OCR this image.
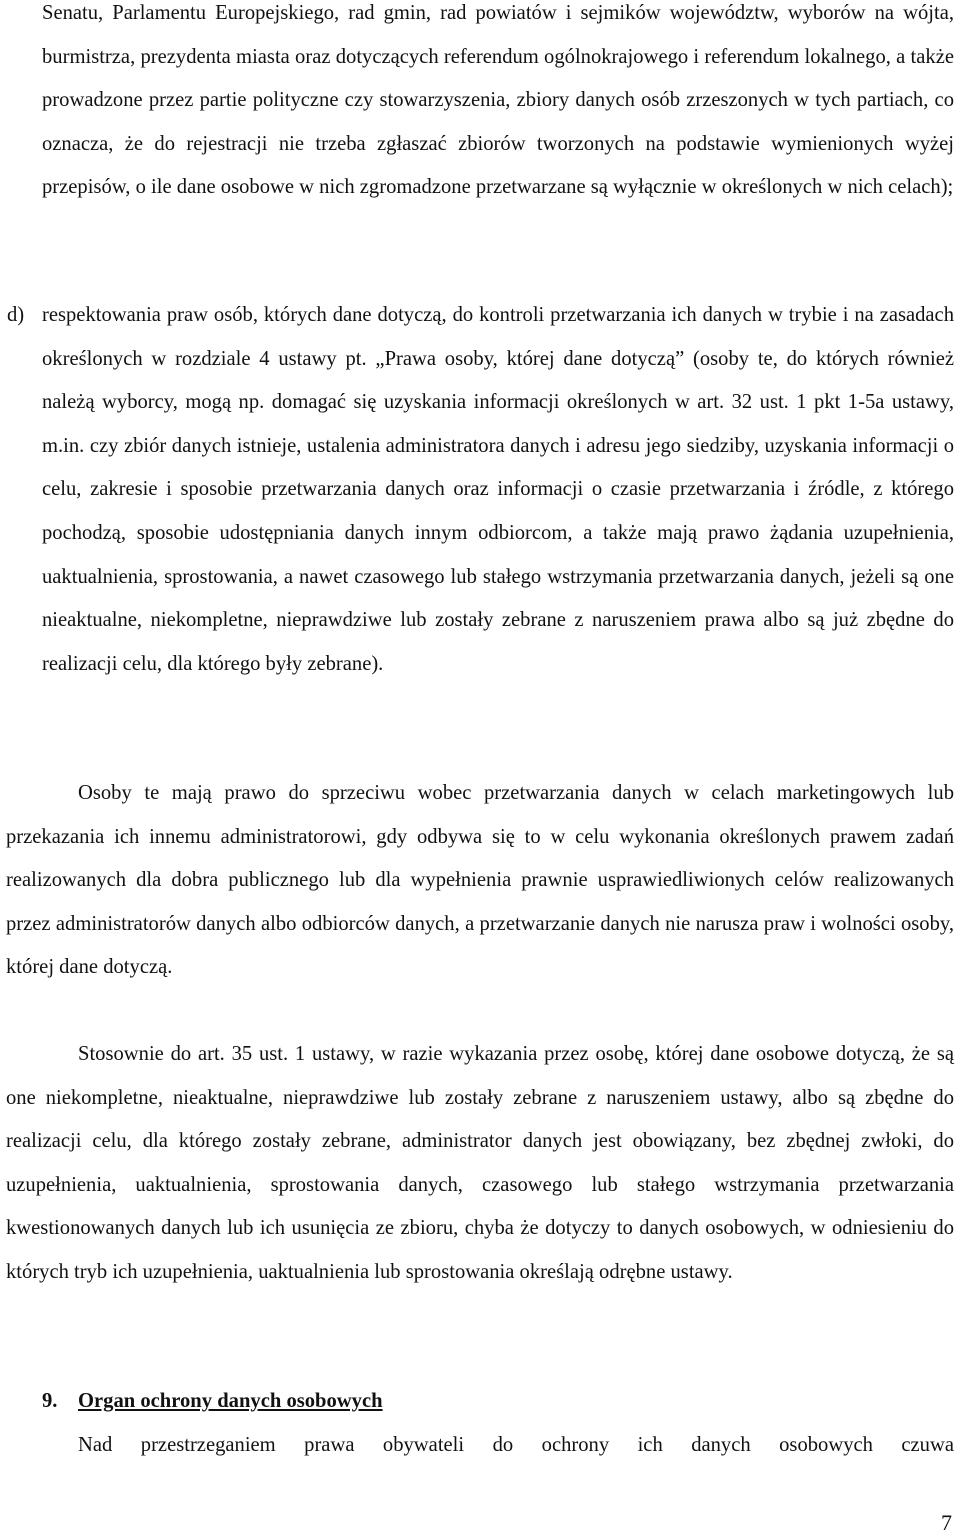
Senatu, Parlamentu Europejskiego, rad gmin, rad powiatów i sejmików województw, wyborów na wójta, burmistrza, prezydenta miasta oraz dotyczących referendum ogólnokrajowego i referendum lokalnego, a także prowadzone przez partie polityczne czy stowarzyszenia, zbiory danych osób zrzeszonych w tych partiach, co oznacza, że do rejestracji nie trzeba zgłaszać zbiorów tworzonych na podstawie wymienionych wyżej przepisów, o ile dane osobowe w nich zgromadzone przetwarzane są wyłącznie w określonych w nich celach);

d) respektowania praw osób, których dane dotyczą, do kontroli przetwarzania ich danych w trybie i na zasadach określonych w rozdziale 4 ustawy pt. „Prawa osoby, której dane dotyczą” (osoby te, do których również należą wyborcy, mogą np. domagać się uzyskania informacji określonych w art. 32 ust. 1 pkt 1-5a ustawy, m.in. czy zbiór danych istnieje, ustalenia administratora danych i adresu jego siedziby, uzyskania informacji o celu, zakresie i sposobie przetwarzania danych oraz informacji o czasie przetwarzania i źródle, z którego pochodzą, sposobie udostępniania danych innym odbiorcom, a także mają prawo żądania uzupełnienia, uaktualnienia, sprostowania, a nawet czasowego lub stałego wstrzymania przetwarzania danych, jeżeli są one nieaktualne, niekompletne, nieprawdziwe lub zostały zebrane z naruszeniem prawa albo są już zbędne do realizacji celu, dla którego były zebrane).

Osoby te mają prawo do sprzeciwu wobec przetwarzania danych w celach marketingowych lub przekazania ich innemu administratorowi, gdy odbywa się to w celu wykonania określonych prawem zadań realizowanych dla dobra publicznego lub dla wypełnienia prawnie usprawiedliwionych celów realizowanych przez administratorów danych albo odbiorców danych, a przetwarzanie danych nie narusza praw i wolności osoby, której dane dotyczą.

Stosownie do art. 35 ust. 1 ustawy, w razie wykazania przez osobę, której dane osobowe dotyczą, że są one niekompletne, nieaktualne, nieprawdziwe lub zostały zebrane z naruszeniem ustawy, albo są zbędne do realizacji celu, dla którego zostały zebrane, administrator danych jest obowiązany, bez zbędnej zwłoki, do uzupełnienia, uaktualnienia, sprostowania danych, czasowego lub stałego wstrzymania przetwarzania kwestionowanych danych lub ich usunięcia ze zbioru, chyba że dotyczy to danych osobowych, w odniesieniu do których tryb ich uzupełnienia, uaktualnienia lub sprostowania określają odrębne ustawy.

9. Organ ochrony danych osobowych

Nad przestrzeganiem prawa obywateli do ochrony ich danych osobowych czuwa

7
